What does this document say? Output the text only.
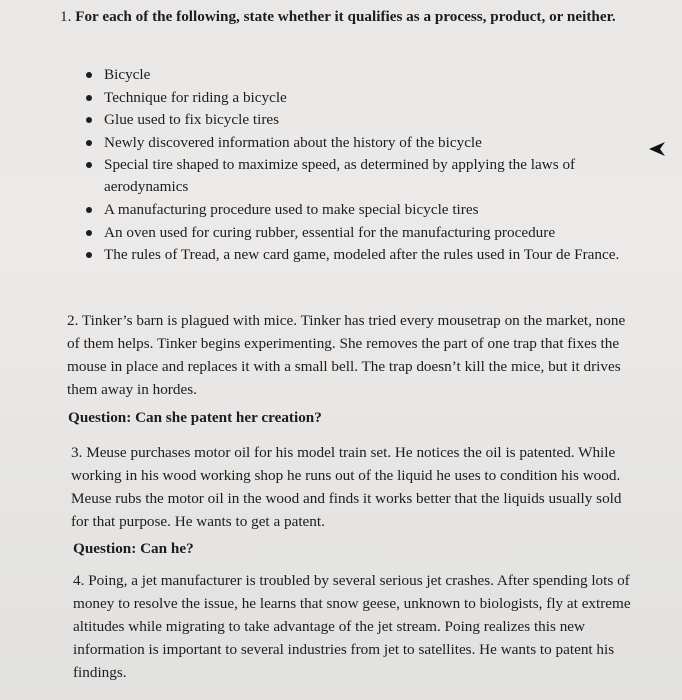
1. For each of the following, state whether it qualifies as a process, product, or neither.
Bicycle
Technique for riding a bicycle
Glue used to fix bicycle tires
Newly discovered information about the history of the bicycle
Special tire shaped to maximize speed, as determined by applying the laws of aerodynamics
A manufacturing procedure used to make special bicycle tires
An oven used for curing rubber, essential for the manufacturing procedure
The rules of Tread, a new card game, modeled after the rules used in Tour de France.
2. Tinker’s barn is plagued with mice. Tinker has tried every mousetrap on the market, none of them helps. Tinker begins experimenting. She removes the part of one trap that fixes the mouse in place and replaces it with a small bell. The trap doesn’t kill the mice, but it drives them away in hordes.
Question: Can she patent her creation?
3. Meuse purchases motor oil for his model train set. He notices the oil is patented. While working in his wood working shop he runs out of the liquid he uses to condition his wood. Meuse rubs the motor oil in the wood and finds it works better that the liquids usually sold for that purpose. He wants to get a patent.
Question: Can he?
4. Poing, a jet manufacturer is troubled by several serious jet crashes. After spending lots of money to resolve the issue, he learns that snow geese, unknown to biologists, fly at extreme altitudes while migrating to take advantage of the jet stream. Poing realizes this new information is important to several industries from jet to satellites. He wants to patent his findings.
